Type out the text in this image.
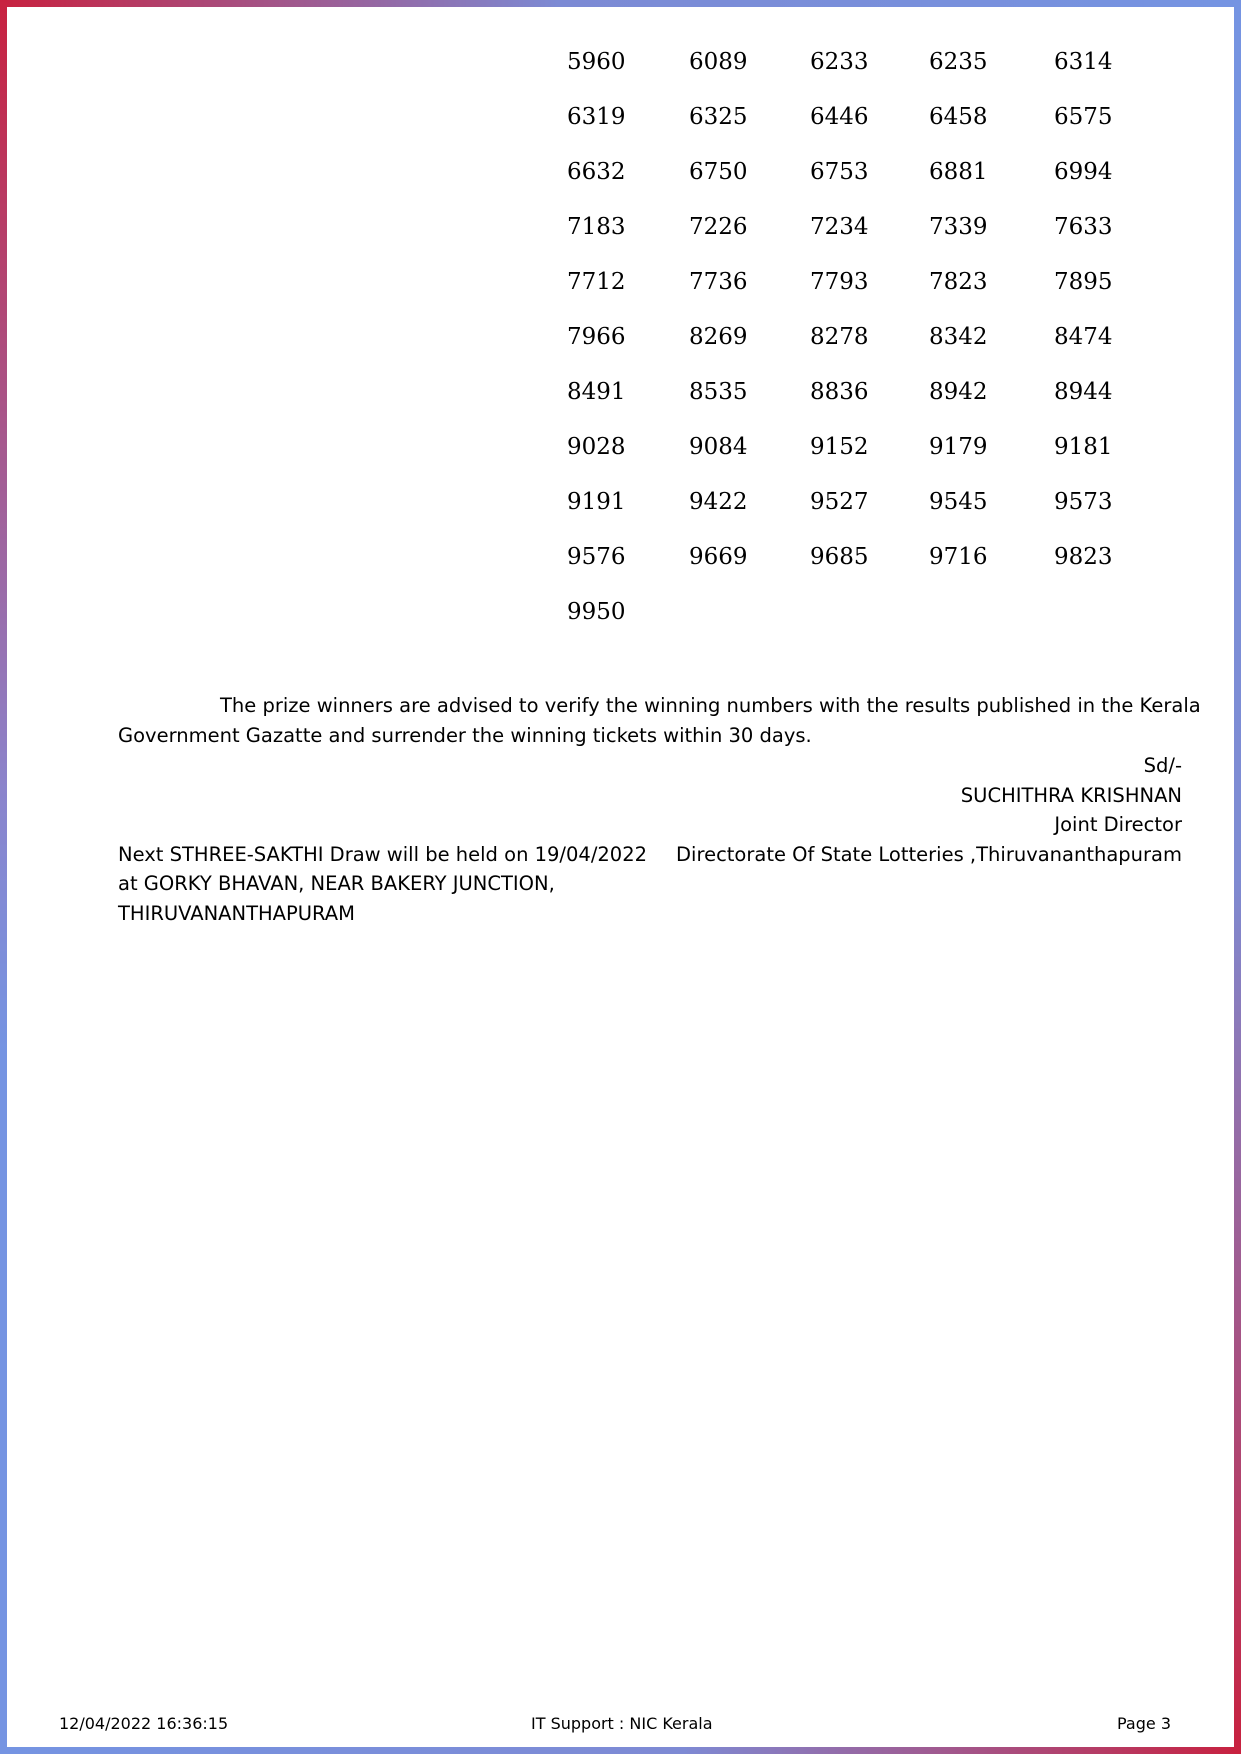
5960	6089	6233	6235	6314
6319	6325	6446	6458	6575
6632	6750	6753	6881	6994
7183	7226	7234	7339	7633
7712	7736	7793	7823	7895
7966	8269	8278	8342	8474
8491	8535	8836	8942	8944
9028	9084	9152	9179	9181
9191	9422	9527	9545	9573
9576	9669	9685	9716	9823
9950
The prize winners are advised to verify the winning numbers with the results published in the Kerala
Government Gazatte and surrender the winning tickets within 30 days.
Sd/-
SUCHITHRA KRISHNAN
Joint Director
Directorate Of State Lotteries ,Thiruvananthapuram
Next STHREE-SAKTHI Draw will be held on 19/04/2022
at GORKY BHAVAN, NEAR BAKERY JUNCTION,
THIRUVANANTHAPURAM
12/04/2022 16:36:15	IT Support : NIC Kerala	Page 3
